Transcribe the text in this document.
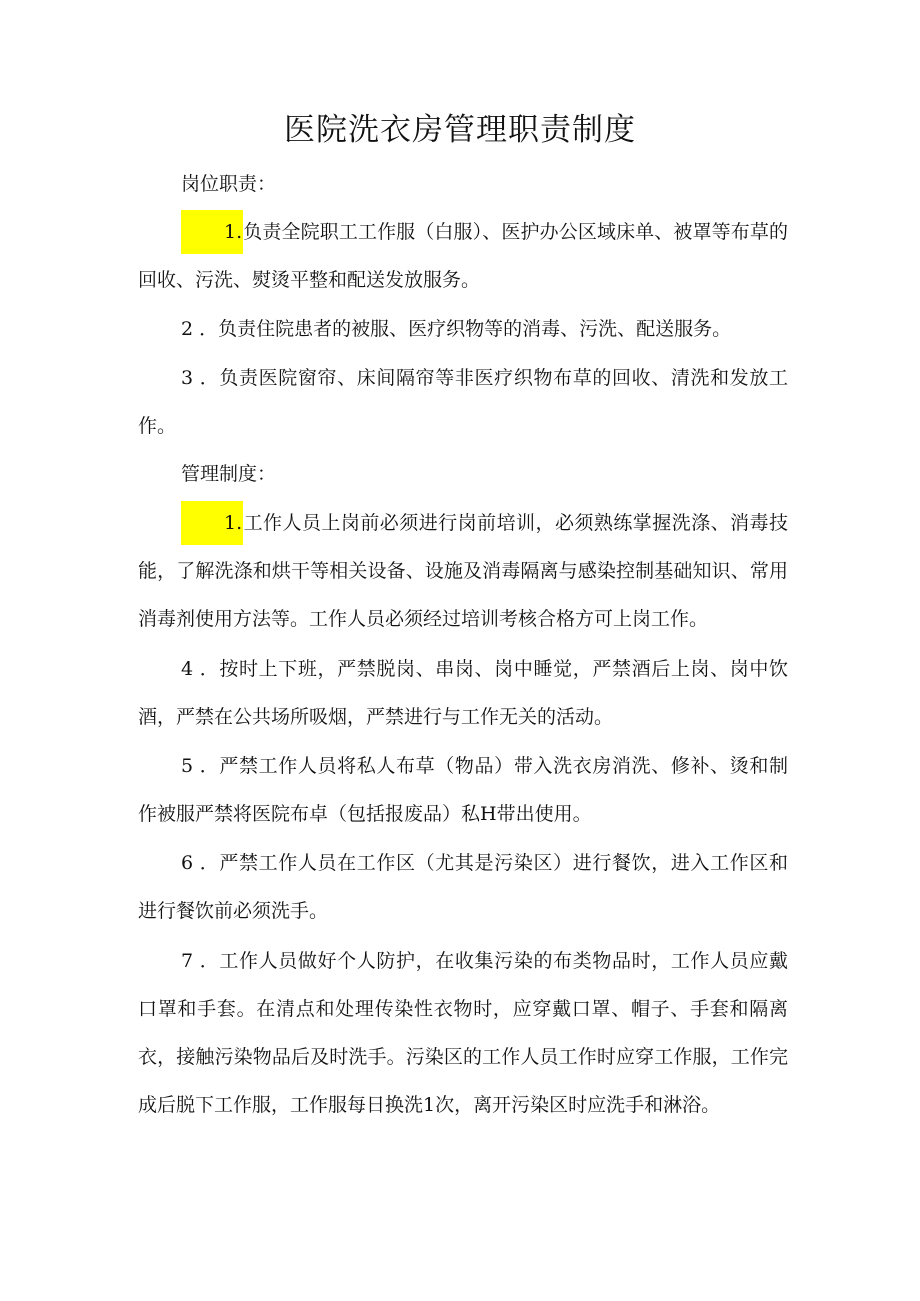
医院洗衣房管理职责制度
岗位职责：
1.负责全院职工工作服（白服）、医护办公区域床单、被罩等布草的回收、污洗、熨烫平整和配送发放服务。
2 ．负责住院患者的被服、医疗织物等的消毒、污洗、配送服务。
3 ．负责医院窗帘、床间隔帘等非医疗织物布草的回收、清洗和发放工作。
管理制度：
1.工作人员上岗前必须进行岗前培训，必须熟练掌握洗涤、消毒技能，了解洗涤和烘干等相关设备、设施及消毒隔离与感染控制基础知识、常用消毒剂使用方法等。工作人员必须经过培训考核合格方可上岗工作。
4 ．按时上下班，严禁脱岗、串岗、岗中睡觉，严禁酒后上岗、岗中饮酒，严禁在公共场所吸烟，严禁进行与工作无关的活动。
5 ．严禁工作人员将私人布草（物品）带入洗衣房消洗、修补、烫和制作被服严禁将医院布卓（包括报废品）私H带出使用。
6 ．严禁工作人员在工作区（尤其是污染区）进行餐饮，进入工作区和进行餐饮前必须洗手。
7 ．工作人员做好个人防护，在收集污染的布类物品时，工作人员应戴口罩和手套。在清点和处理传染性衣物时，应穿戴口罩、帽子、手套和隔离衣，接触污染物品后及时洗手。污染区的工作人员工作时应穿工作服，工作完成后脱下工作服，工作服每日换洗1次，离开污染区时应洗手和淋浴。
